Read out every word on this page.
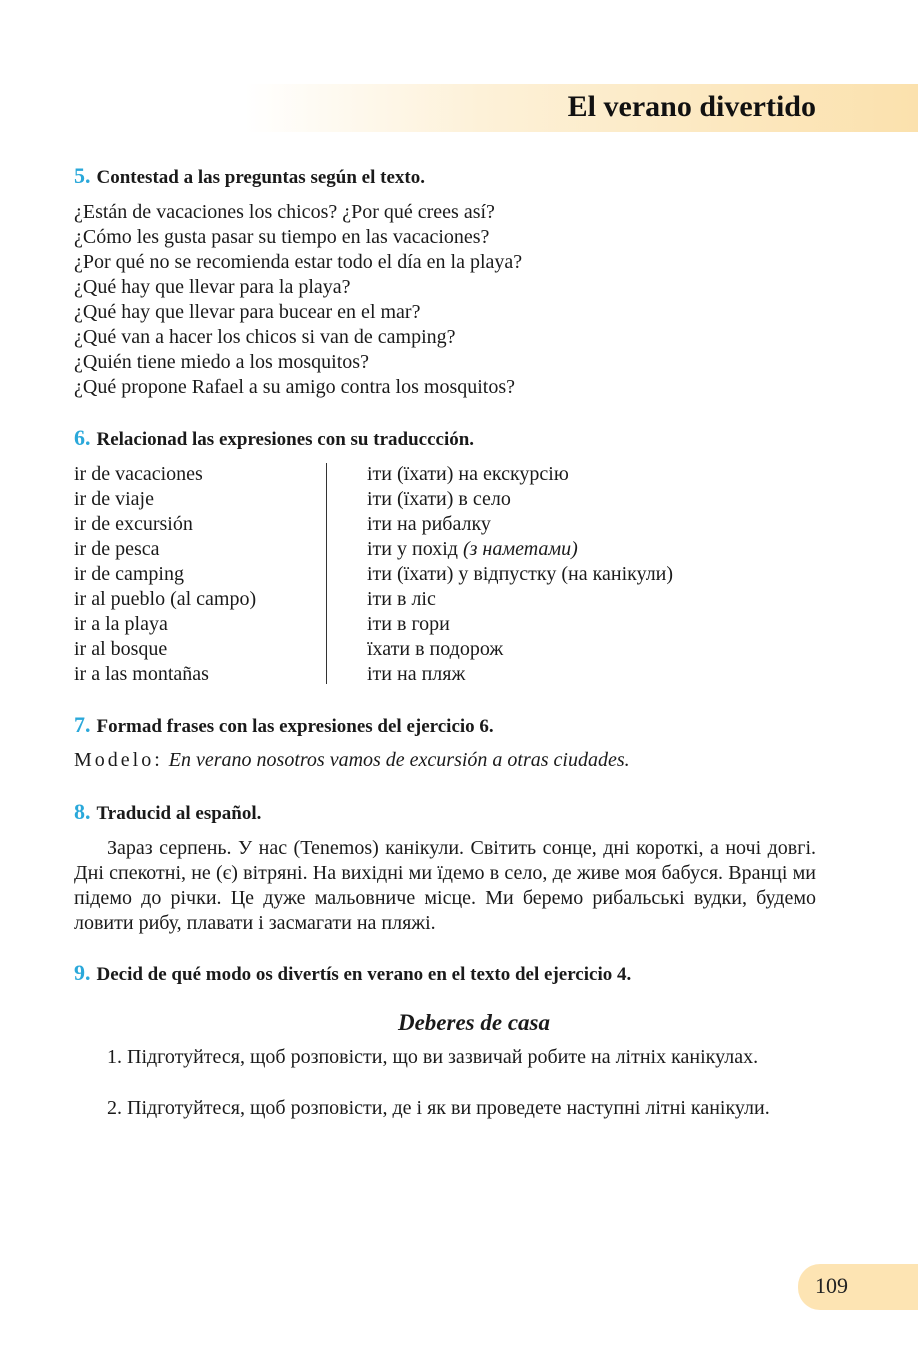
El verano divertido
5. Contestad a las preguntas según el texto.
¿Están de vacaciones los chicos? ¿Por qué crees así?
¿Cómo les gusta pasar su tiempo en las vacaciones?
¿Por qué no se recomienda estar todo el día en la playa?
¿Qué hay que llevar para la playa?
¿Qué hay que llevar para bucear en el mar?
¿Qué van a hacer los chicos si van de camping?
¿Quién tiene miedo a los mosquitos?
¿Qué propone Rafael a su amigo contra los mosquitos?
6. Relacionad las expresiones con su traduccción.
ir de vacaciones
ir de viaje
ir de excursión
ir de pesca
ir de camping
ir al pueblo (al campo)
ir a la playa
ir al bosque
ir a las montañas
іти (їхати) на екскурсію
іти (їхати) в село
іти на рибалку
іти у похід (з наметами)
іти (їхати) у відпустку (на канікули)
іти в ліс
іти в гори
їхати в подорож
іти на пляж
7. Formad frases con las expresiones del ejercicio 6.
Modelo: En verano nosotros vamos de excursión a otras ciudades.
8. Traducid al español.
Зараз серпень. У нас (Tenemos) канікули. Світить сонце, дні короткі, а ночі довгі. Дні спекотні, не (є) вітряні. На вихідні ми їдемо в село, де живе моя бабуся. Вранці ми підемо до річки. Це дуже мальовниче місце. Ми беремо рибальські вудки, будемо ловити рибу, плавати і засмагати на пляжі.
9. Decid de qué modo os divertís en verano en el texto del ejercicio 4.
Deberes de casa
1. Підготуйтеся, щоб розповісти, що ви зазвичай робите на літніх канікулах.
2. Підготуйтеся, щоб розповісти, де і як ви проведете наступні літні канікули.
109
